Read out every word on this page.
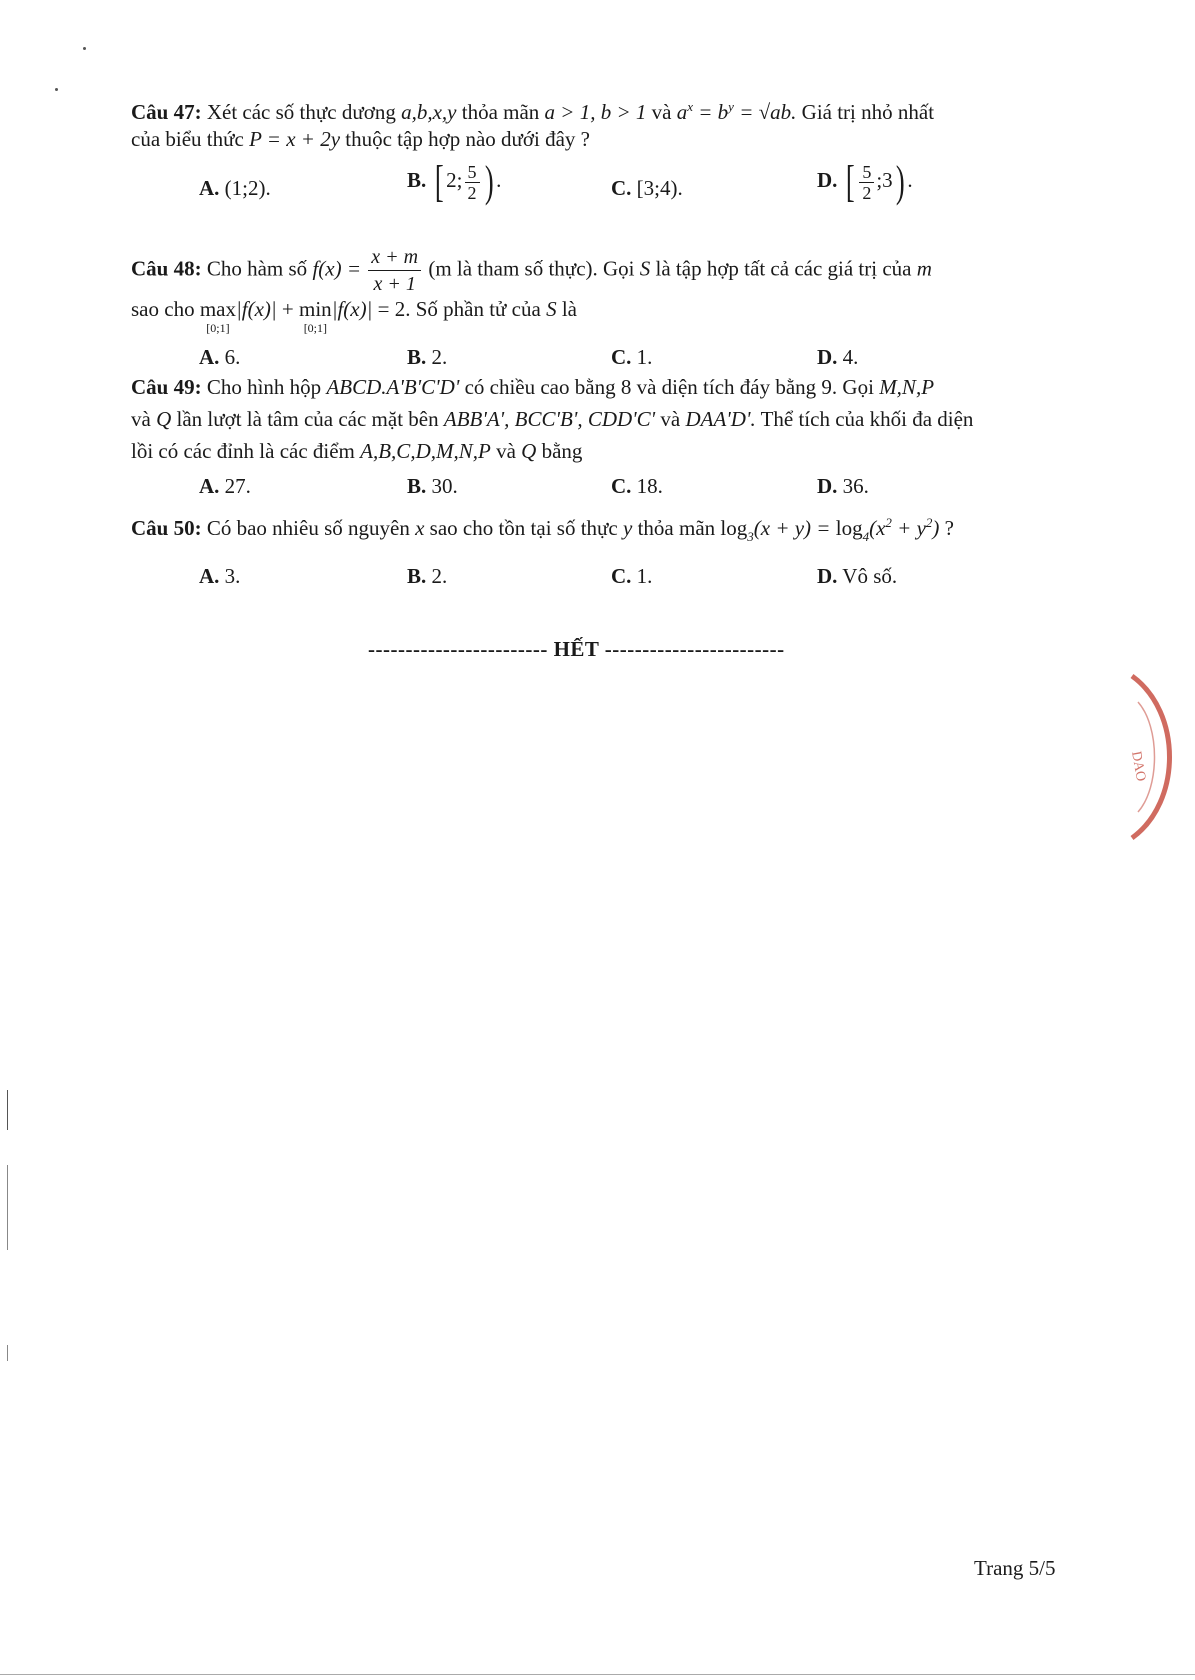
Câu 47: Xét các số thực dương a,b,x,y thỏa mãn a > 1, b > 1 và $a^x = b^y = √ab$. Giá trị nhỏ nhất
của biểu thức P = x + 2y thuộc tập hợp nào dưới đây ?
A. (1;2).	B. [ 2; $\frac{5}{2}$ ) .	C. [3;4).	D. [ $\frac{5}{2}$ ;3) .
Câu 48: Cho hàm số $f(x) = \frac{x + m}{x + 1} (m$ là tham số thực). Gọi S là tập hợp tất cả các giá trị của m
sao cho max
[0;1]
|f(x)| + min
[0;1]
|f(x)| = 2. Số phần tử của S là
A. 6.	B. 2.	C. 1.	D. 4.
Câu 49: Cho hình hộp ABCD.A'B'C'D' có chiều cao bằng 8 và diện tích đáy bằng 9. Gọi M,N,P
và Q lần lượt là tâm của các mặt bên ABB'A', BCC'B', CDD'C' và DAA'D'. Thể tích của khối đa diện
lồi có các đỉnh là các điểm A,B,C,D,M,N,P và Q bằng
A. 27.	B. 30.	C. 18.	D. 36.
Câu 50: Có bao nhiêu số nguyên x sao cho tồn tại số thực y thỏa mãn $\log_3(x + y) = \log_4(x^2 + y^2)$ ?
A. 3.	B. 2.	C. 1.	D. Vô số.
------------------------ HẾT ------------------------
Trang 5/5
DAO
